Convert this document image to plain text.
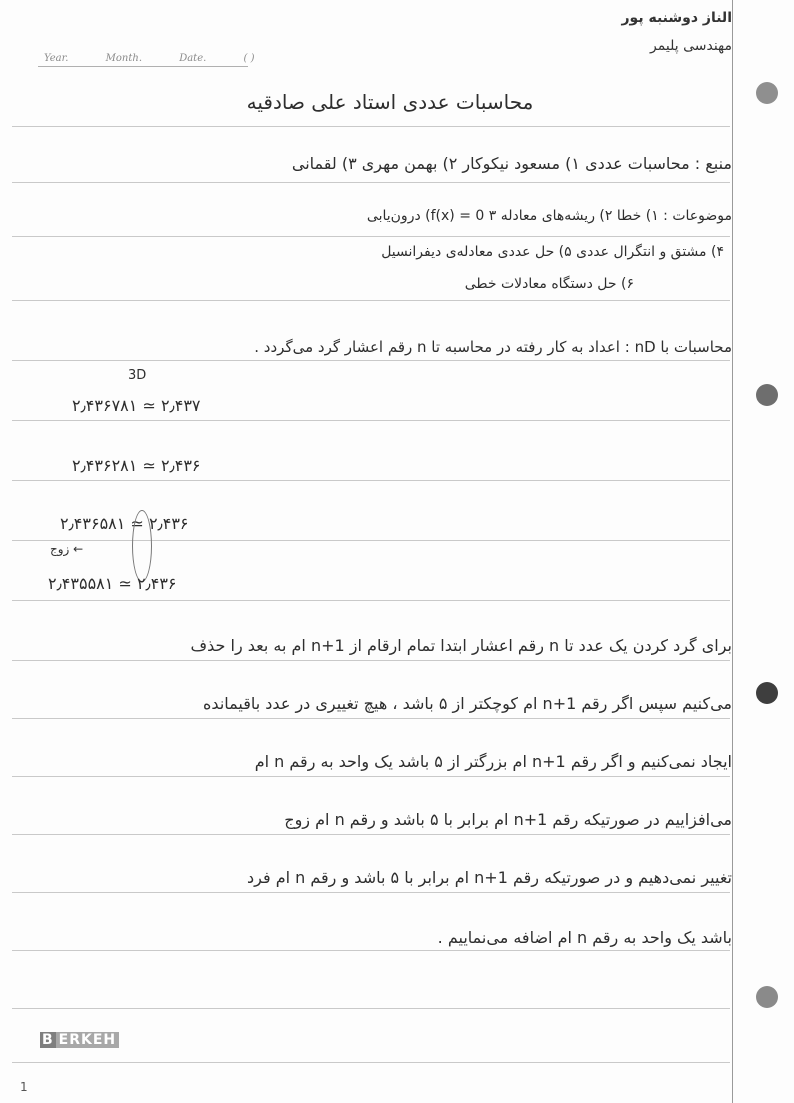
الناز دوشنبه پور
مهندسی پلیمر
Year.	Month.	Date.	( )
محاسبات عددی استاد علی صادقیه
منبع : محاسبات عددی ۱) مسعود نیکوکار ۲) بهمن مهری ۳) لقمانی
موضوعات : ۱) خطا ۲) ریشه‌های معادله f(x) = 0 ۳) درون‌یابی
۴) مشتق و انتگرال عددی ۵) حل عددی معادله‌ی دیفرانسیل
۶) حل دستگاه معادلات خطی
محاسبات با nD : اعداد به کار رفته در محاسبه تا n رقم اعشار گرد می‌گردد .
3D
۲٫۴۳۶۷۸۱ ≃ ۲٫۴۳۷
۲٫۴۳۶۲۸۱ ≃ ۲٫۴۳۶
۲٫۴۳۶۵۸۱ ≃ ۲٫۴۳۶
← زوج
۲٫۴۳۵۵۸۱ ≃ ۲٫۴۳۶
برای گرد کردن یک عدد تا n رقم اعشار ابتدا تمام ارقام از n+1 ام به بعد را حذف
می‌کنیم سپس اگر رقم n+1 ام کوچکتر از ۵ باشد ، هیچ تغییری در عدد باقیمانده
ایجاد نمی‌کنیم و اگر رقم n+1 ام بزرگتر از ۵ باشد یک واحد به رقم n ام
می‌افزاییم در صورتیکه رقم n+1 ام برابر با ۵ باشد و رقم n ام زوج
تغییر نمی‌دهیم و در صورتیکه رقم n+1 ام برابر با ۵ باشد و رقم n ام فرد
باشد یک واحد به رقم n ام اضافه می‌نماییم .
B ERKEH
1
